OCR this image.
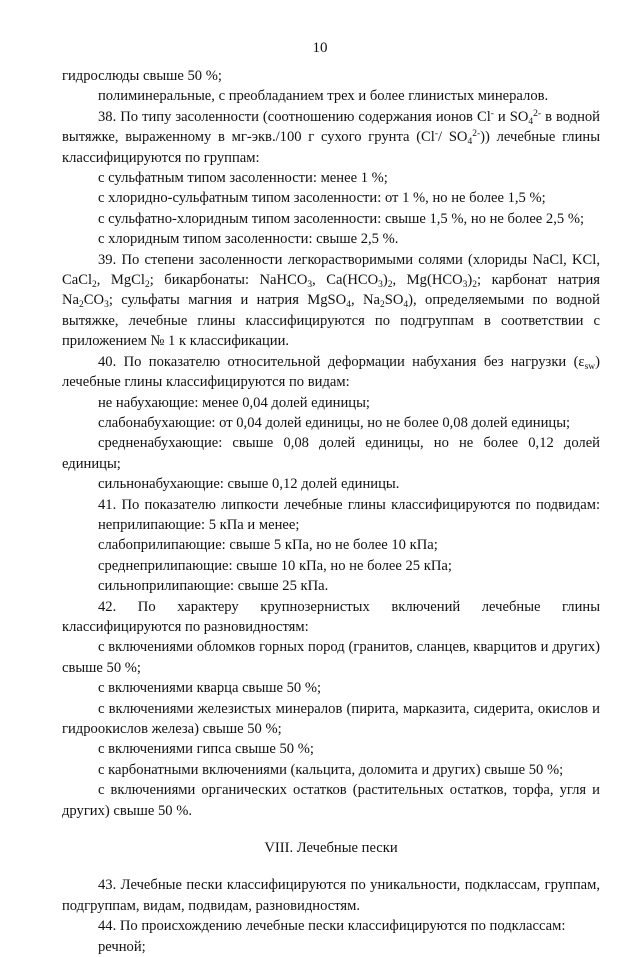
10

гидрослюды свыше 50 %;

полиминеральные, с преобладанием трех и более глинистых минералов.

38. По типу засоленности (соотношению содержания ионов Cl- и $SO_4^{2-}$ в водной вытяжке, выраженному в мг-экв./100 г сухого грунта (Cl-/ $SO_4^{2-}$)) лечебные глины классифицируются по группам:

с сульфатным типом засоленности: менее 1 %;

с хлоридно-сульфатным типом засоленности: от 1 %, но не более 1,5 %;

с сульфатно-хлоридным типом засоленности: свыше 1,5 %, но не более 2,5 %;

с хлоридным типом засоленности: свыше 2,5 %.

39. По степени засоленности легкорастворимыми солями (хлориды NaCl, KCl, CaCl$_2$, MgCl$_2$; бикарбонаты: NaHCO$_3$, $Ca(HCO_3)_2$, $Mg(HCO_3)_2$; карбонат натрия $Na_2CO_3$; сульфаты магния и натрия MgSO$_4$, $Na_2SO_4$), определяемыми по водной вытяжке, лечебные глины классифицируются по подгруппам в соответствии с приложением № 1 к классификации.

40. По показателю относительной деформации набухания без нагрузки $(\varepsilon_{sw})$ лечебные глины классифицируются по видам:

не набухающие: менее 0,04 долей единицы;

слабонабухающие: от 0,04 долей единицы, но не более 0,08 долей единицы;

средненабухающие: свыше 0,08 долей единицы, но не более 0,12 долей единицы;

сильнонабухающие: свыше 0,12 долей единицы.

41. По показателю липкости лечебные глины классифицируются по подвидам:

неприлипающие: 5 кПа и менее;

слабоприлипающие: свыше 5 кПа, но не более 10 кПа;

среднеприлипающие: свыше 10 кПа, но не более 25 кПа;

сильноприлипающие: свыше 25 кПа.

42. По характеру крупнозернистых включений лечебные глины классифицируются по разновидностям:

с включениями обломков горных пород (гранитов, сланцев, кварцитов и других) свыше 50 %;

с включениями кварца свыше 50 %;

с включениями железистых минералов (пирита, марказита, сидерита, окислов и гидроокислов железа) свыше 50 %;

с включениями гипса свыше 50 %;

с карбонатными включениями (кальцита, доломита и других) свыше 50 %;

с включениями органических остатков (растительных остатков, торфа, угля и других) свыше 50 %.

VIII. Лечебные пески

43. Лечебные пески классифицируются по уникальности, подклассам, группам, подгруппам, видам, подвидам, разновидностям.

44. По происхождению лечебные пески классифицируются по подклассам:

речной;
